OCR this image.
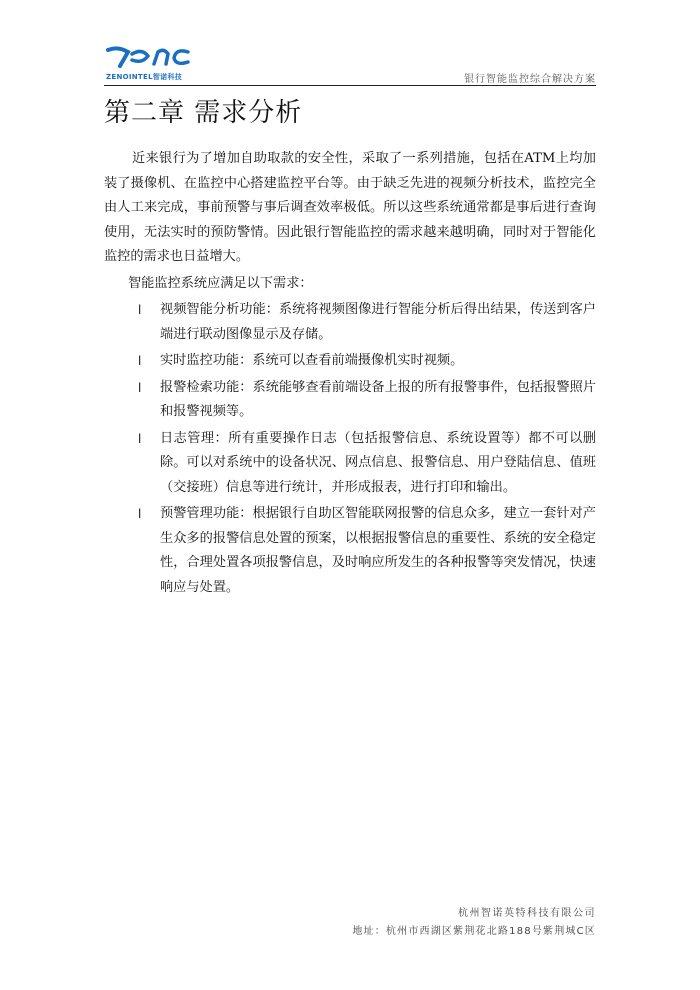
ZENOINTEL智诺科技	银行智能监控综合解决方案
第二章 需求分析

近来银行为了增加自助取款的安全性，采取了一系列措施，包括在ATM上均加装了摄像机、在监控中心搭建监控平台等。由于缺乏先进的视频分析技术，监控完全由人工来完成，事前预警与事后调查效率极低。所以这些系统通常都是事后进行查询使用，无法实时的预防警情。因此银行智能监控的需求越来越明确，同时对于智能化监控的需求也日益增大。

智能监控系统应满足以下需求：

l 视频智能分析功能：系统将视频图像进行智能分析后得出结果，传送到客户端进行联动图像显示及存储。
l 实时监控功能：系统可以查看前端摄像机实时视频。
l 报警检索功能：系统能够查看前端设备上报的所有报警事件，包括报警照片和报警视频等。
l 日志管理：所有重要操作日志（包括报警信息、系统设置等）都不可以删除。可以对系统中的设备状况、网点信息、报警信息、用户登陆信息、值班（交接班）信息等进行统计，并形成报表，进行打印和输出。
l 预警管理功能：根据银行自助区智能联网报警的信息众多，建立一套针对产生众多的报警信息处置的预案，以根据报警信息的重要性、系统的安全稳定性，合理处置各项报警信息，及时响应所发生的各种报警等突发情况，快速响应与处置。
杭州智诺英特科技有限公司
地址：杭州市西湖区紫荆花北路188号紫荆城C区
